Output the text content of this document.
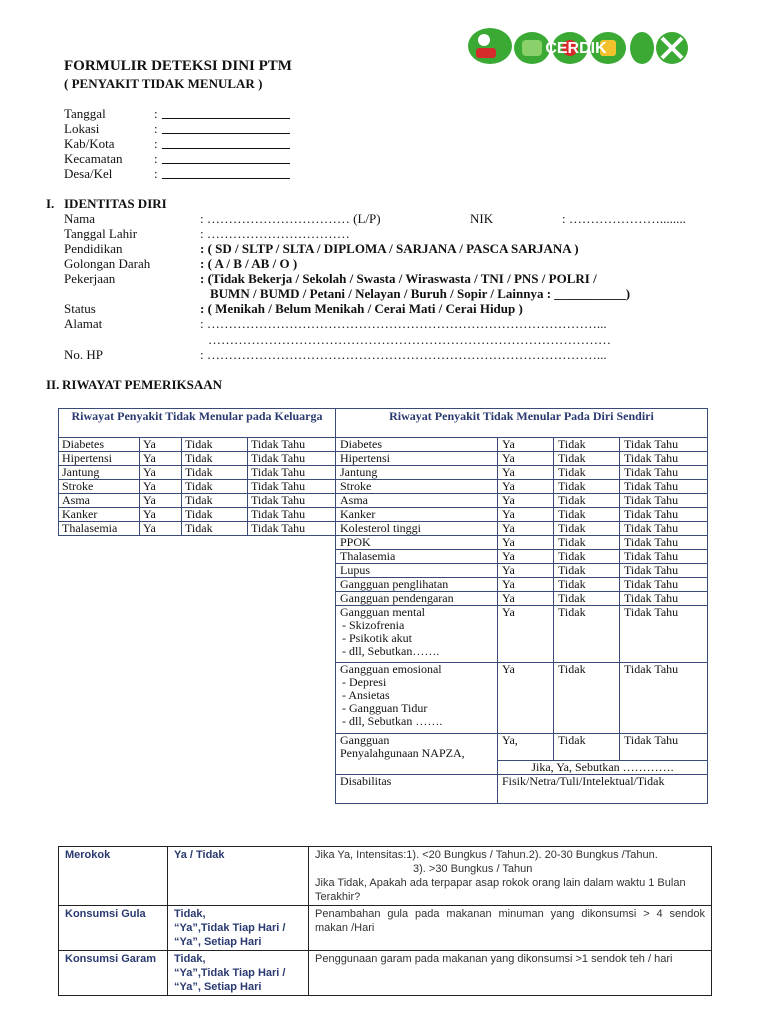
FORMULIR DETEKSI DINI PTM
( PENYAKIT TIDAK MENULAR )
CERDIK
Tanggal	:
Lokasi	:
Kab/Kota	:
Kecamatan	:
Desa/Kel	:
I. IDENTITAS DIRI
Nama	: …………………………… (L/P)	NIK	: …………………........
Tanggal Lahir	: ……………………………
Pendidikan	: ( SD / SLTP / SLTA / DIPLOMA / SARJANA / PASCA SARJANA )
Golongan Darah	: ( A / B / AB / O )
Pekerjaan	: (Tidak Bekerja / Sekolah / Swasta / Wiraswasta / TNI / PNS / POLRI /
BUMN / BUMD / Petani / Nelayan / Buruh / Sopir / Lainnya : ___________)
Status	: ( Menikah / Belum Menikah / Cerai Mati / Cerai Hidup )
Alamat	: ………………………………………………………………………………...
…………………………………………………………………………………
No. HP	: ………………………………………………………………………………...
II. RIWAYAT PEMERIKSAAN
Riwayat Penyakit Tidak Menular pada Keluarga			
Diabetes	Ya	Tidak	Tidak Tahu
Hipertensi	Ya	Tidak	Tidak Tahu
Jantung	Ya	Tidak	Tidak Tahu
Stroke	Ya	Tidak	Tidak Tahu
Asma	Ya	Tidak	Tidak Tahu
Kanker	Ya	Tidak	Tidak Tahu
Thalasemia	Ya	Tidak	Tidak Tahu
Riwayat Penyakit Tidak Menular Pada Diri Sendiri			
Diabetes	Ya	Tidak	Tidak Tahu
Hipertensi	Ya	Tidak	Tidak Tahu
Jantung	Ya	Tidak	Tidak Tahu
Stroke	Ya	Tidak	Tidak Tahu
Asma	Ya	Tidak	Tidak Tahu
Kanker	Ya	Tidak	Tidak Tahu
Kolesterol tinggi	Ya	Tidak	Tidak Tahu
PPOK	Ya	Tidak	Tidak Tahu
Thalasemia	Ya	Tidak	Tidak Tahu
Lupus	Ya	Tidak	Tidak Tahu
Gangguan penglihatan	Ya	Tidak	Tidak Tahu
Gangguan pendengaran	Ya	Tidak	Tidak Tahu

Gangguan mental
- Skizofrenia
- Psikotik akut
- dll, Sebutkan…….	Ya	Tidak	Tidak Tahu

Gangguan emosional
- Depresi
- Ansietas
- Gangguan Tidur
- dll, Sebutkan …….	Ya	Tidak	Tidak Tahu

Gangguan
Penyalahgunaan NAPZA,	Ya,	Tidak	Tidak Tahu
	Jika, Ya, Sebutkan ………….		
Disabilitas	Fisik/Netra/Tuli/Intelektual/Tidak		
Merokok	Ya / Tidak	Jika Ya, Intensitas:1). <20 Bungkus / Tahun.2). 20-30 Bungkus /Tahun.
3). >30 Bungkus / Tahun
Jika Tidak, Apakah ada terpapar asap rokok orang lain dalam waktu 1 Bulan Terakhir?

Konsumsi Gula	Tidak,
“Ya”,Tidak Tiap Hari /
“Ya”, Setiap Hari	Penambahan gula pada makanan minuman yang dikonsumsi > 4 sendok makan /Hari
Konsumsi Garam	Tidak,
“Ya”,Tidak Tiap Hari /
“Ya”, Setiap Hari	Penggunaan garam pada makanan yang dikonsumsi >1 sendok teh / hari
